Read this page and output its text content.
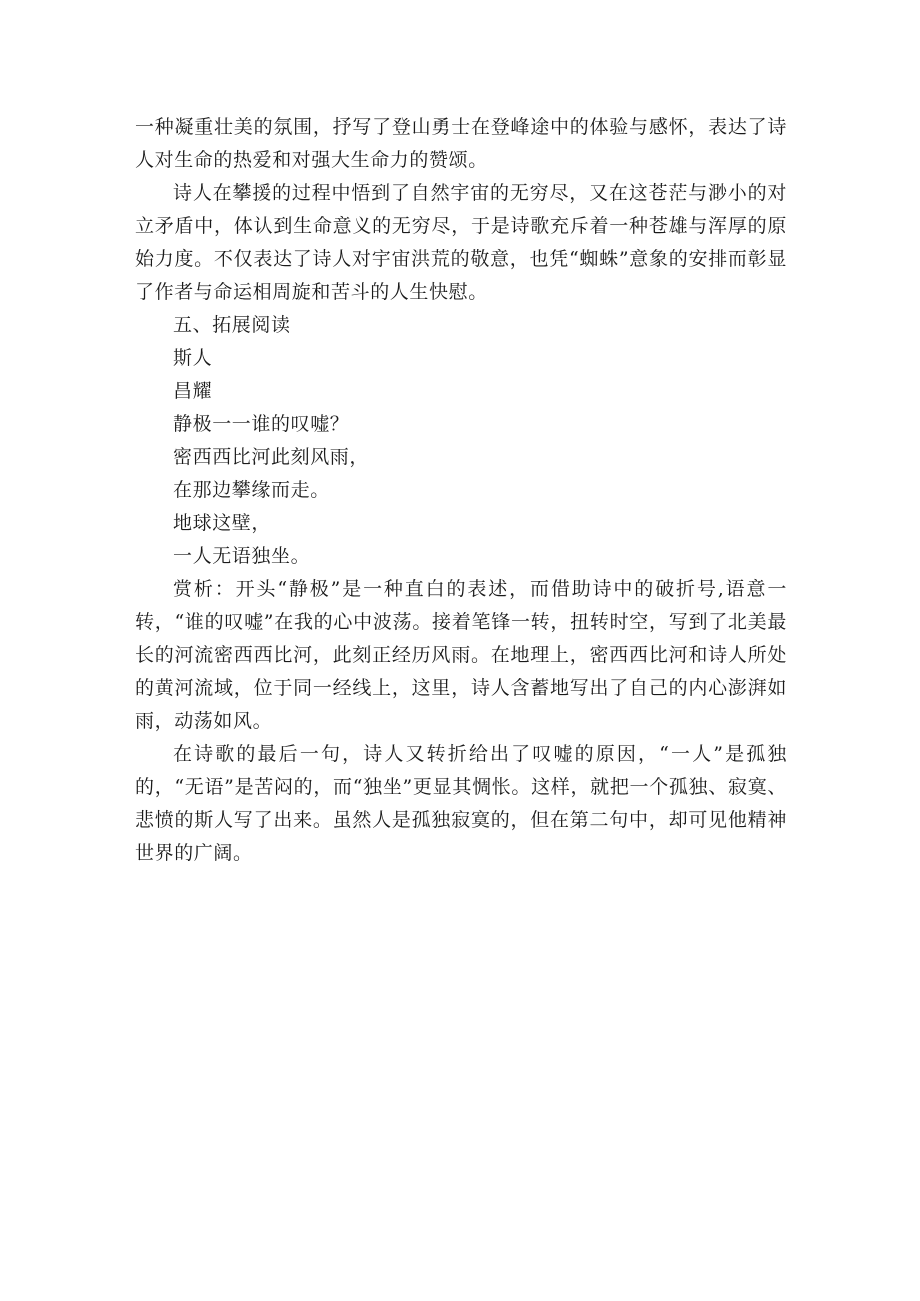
一种凝重壮美的氛围，抒写了登山勇士在登峰途中的体验与感怀，表达了诗人对生命的热爱和对强大生命力的赞颂。

诗人在攀援的过程中悟到了自然宇宙的无穷尽，又在这苍茫与渺小的对立矛盾中，体认到生命意义的无穷尽，于是诗歌充斥着一种苍雄与浑厚的原始力度。不仅表达了诗人对宇宙洪荒的敬意，也凭“蜘蛛”意象的安排而彰显了作者与命运相周旋和苦斗的人生快慰。

五、拓展阅读

斯人

昌耀

静极一一谁的叹嘘？

密西西比河此刻风雨，

在那边攀缘而走。

地球这壁，

一人无语独坐。

赏析：开头“静极”是一种直白的表述，而借助诗中的破折号,语意一转，“谁的叹嘘”在我的心中波荡。接着笔锋一转，扭转时空，写到了北美最长的河流密西西比河，此刻正经历风雨。在地理上，密西西比河和诗人所处的黄河流域，位于同一经线上，这里，诗人含蓄地写出了自己的内心澎湃如雨，动荡如风。

在诗歌的最后一句，诗人又转折给出了叹嘘的原因，“一人”是孤独的，“无语”是苦闷的，而“独坐”更显其惆怅。这样，就把一个孤独、寂寞、悲愤的斯人写了出来。虽然人是孤独寂寞的，但在第二句中，却可见他精神世界的广阔。
